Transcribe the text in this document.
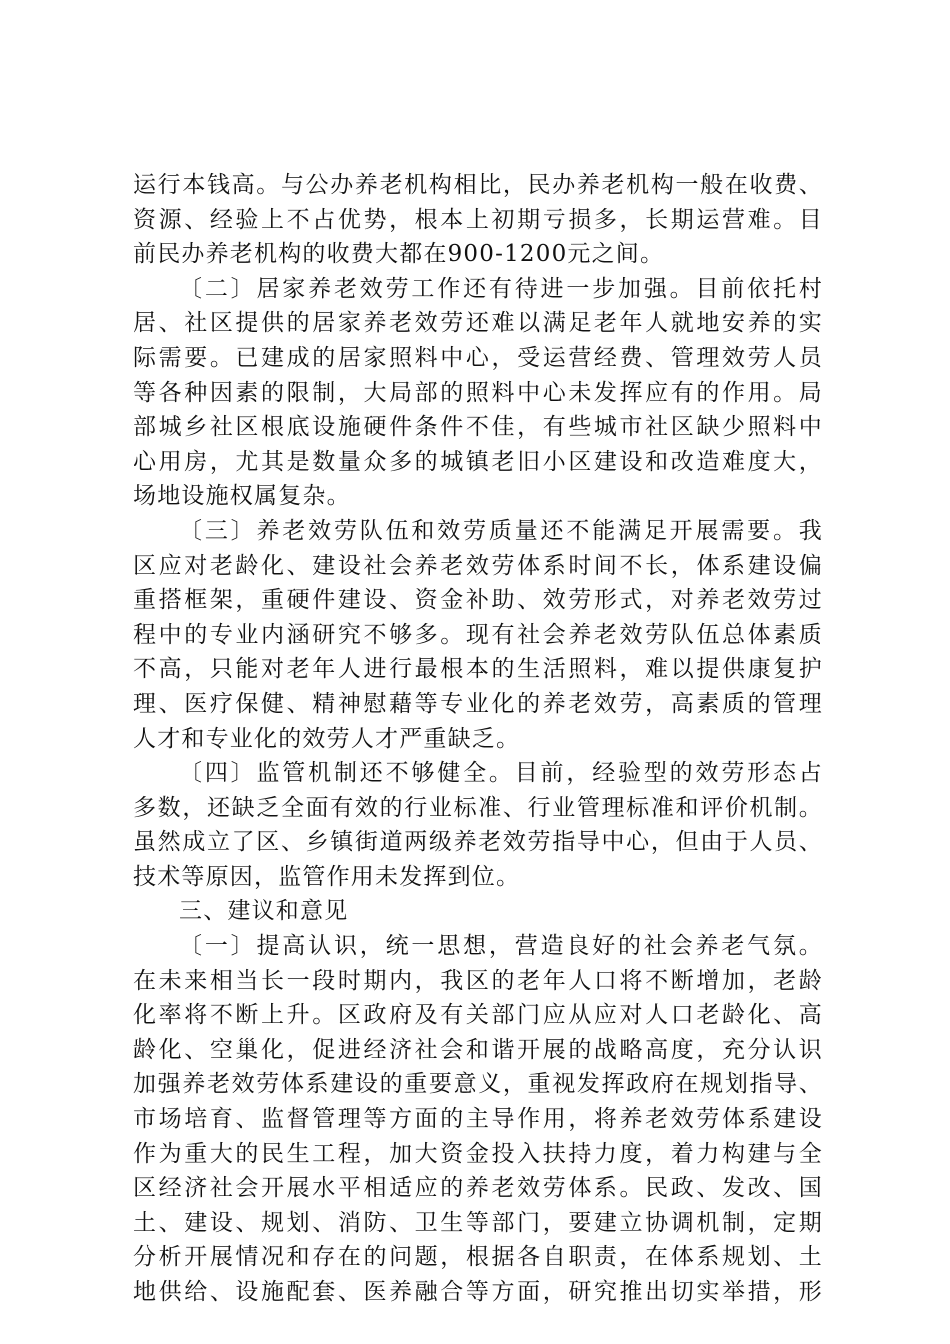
运行本钱高。与公办养老机构相比，民办养老机构一般在收费、
资源、经验上不占优势，根本上初期亏损多，长期运营难。目
前民办养老机构的收费大都在900-1200元之间。
〔二〕居家养老效劳工作还有待进一步加强。目前依托村
居、社区提供的居家养老效劳还难以满足老年人就地安养的实
际需要。已建成的居家照料中心，受运营经费、管理效劳人员
等各种因素的限制，大局部的照料中心未发挥应有的作用。局
部城乡社区根底设施硬件条件不佳，有些城市社区缺少照料中
心用房，尤其是数量众多的城镇老旧小区建设和改造难度大，
场地设施权属复杂。
〔三〕养老效劳队伍和效劳质量还不能满足开展需要。我
区应对老龄化、建设社会养老效劳体系时间不长，体系建设偏
重搭框架，重硬件建设、资金补助、效劳形式，对养老效劳过
程中的专业内涵研究不够多。现有社会养老效劳队伍总体素质
不高，只能对老年人进行最根本的生活照料，难以提供康复护
理、医疗保健、精神慰藉等专业化的养老效劳，高素质的管理
人才和专业化的效劳人才严重缺乏。
〔四〕监管机制还不够健全。目前，经验型的效劳形态占
多数，还缺乏全面有效的行业标准、行业管理标准和评价机制。
虽然成立了区、乡镇街道两级养老效劳指导中心，但由于人员、
技术等原因，监管作用未发挥到位。
三、建议和意见
〔一〕提高认识，统一思想，营造良好的社会养老气氛。
在未来相当长一段时期内，我区的老年人口将不断增加，老龄
化率将不断上升。区政府及有关部门应从应对人口老龄化、高
龄化、空巢化，促进经济社会和谐开展的战略高度，充分认识
加强养老效劳体系建设的重要意义，重视发挥政府在规划指导、
市场培育、监督管理等方面的主导作用，将养老效劳体系建设
作为重大的民生工程，加大资金投入扶持力度，着力构建与全
区经济社会开展水平相适应的养老效劳体系。民政、发改、国
土、建设、规划、消防、卫生等部门，要建立协调机制，定期
分析开展情况和存在的问题，根据各自职责，在体系规划、土
地供给、设施配套、医养融合等方面，研究推出切实举措，形
